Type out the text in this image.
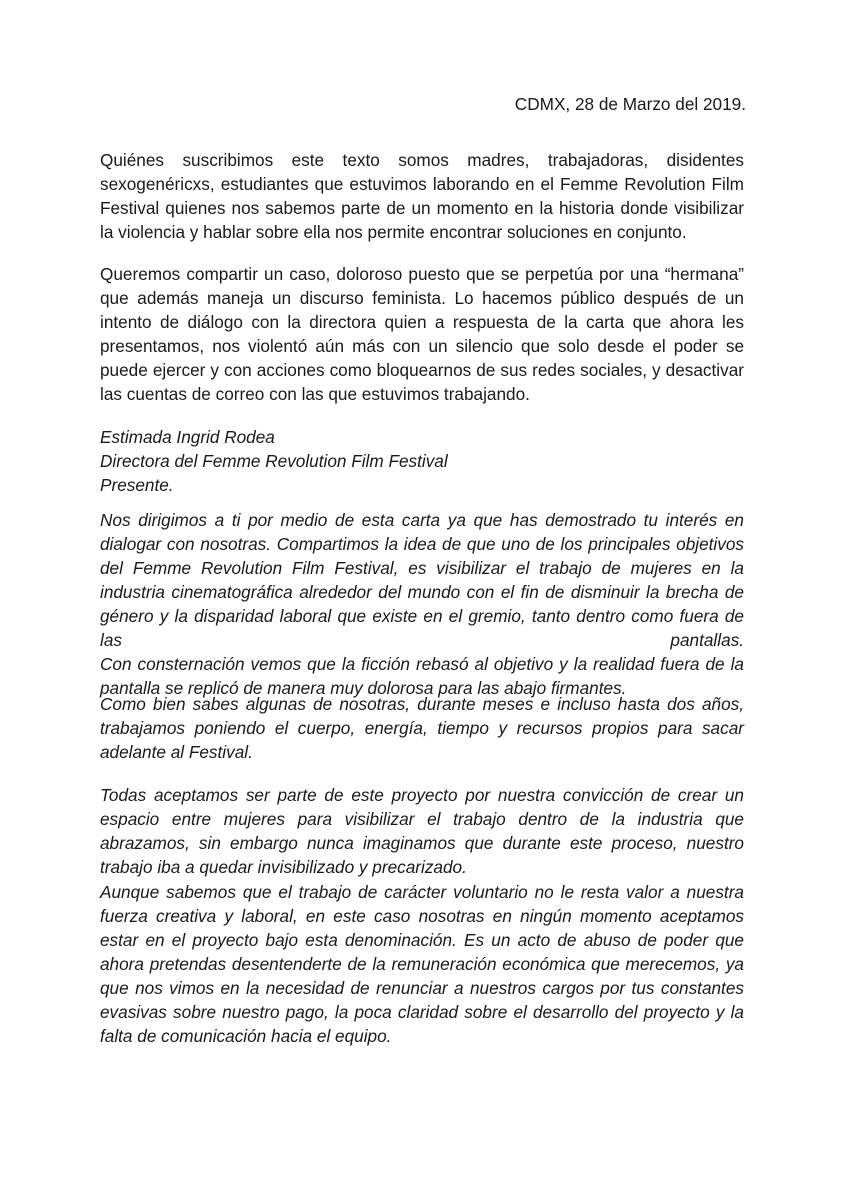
CDMX, 28 de Marzo del 2019.

Quiénes suscribimos este texto somos madres, trabajadoras, disidentes sexogenéricxs, estudiantes que estuvimos laborando en el Femme Revolution Film Festival quienes nos sabemos parte de un momento en la historia donde visibilizar la violencia y hablar sobre ella nos permite encontrar soluciones en conjunto.

Queremos compartir un caso, doloroso puesto que se perpetúa por una “hermana” que además maneja un discurso feminista. Lo hacemos público después de un intento de diálogo con la directora quien a respuesta de la carta que ahora les presentamos, nos violentó aún más con un silencio que solo desde el poder se puede ejercer y con acciones como bloquearnos de sus redes sociales, y desactivar las cuentas de correo con las que estuvimos trabajando.

Estimada Ingrid Rodea
Directora del Femme Revolution Film Festival
Presente.
Nos dirigimos a ti por medio de esta carta ya que has demostrado tu interés en dialogar con nosotras. Compartimos la idea de que uno de los principales objetivos del Femme Revolution Film Festival, es visibilizar el trabajo de mujeres en la industria cinematográfica alrededor del mundo con el fin de disminuir la brecha de género y la disparidad laboral que existe en el gremio, tanto dentro como fuera de las pantallas.
Con consternación vemos que la ficción rebasó al objetivo y la realidad fuera de la pantalla se replicó de manera muy dolorosa para las abajo firmantes.

Como bien sabes algunas de nosotras, durante meses e incluso hasta dos años, trabajamos poniendo el cuerpo, energía, tiempo y recursos propios para sacar adelante al Festival.

Todas aceptamos ser parte de este proyecto por nuestra convicción de crear un espacio entre mujeres para visibilizar el trabajo dentro de la industria que abrazamos, sin embargo nunca imaginamos que durante este proceso, nuestro trabajo iba a quedar invisibilizado y precarizado.

Aunque sabemos que el trabajo de carácter voluntario no le resta valor a nuestra fuerza creativa y laboral, en este caso nosotras en ningún momento aceptamos estar en el proyecto bajo esta denominación. Es un acto de abuso de poder que ahora pretendas desentenderte de la remuneración económica que merecemos, ya que nos vimos en la necesidad de renunciar a nuestros cargos por tus constantes evasivas sobre nuestro pago, la poca claridad sobre el desarrollo del proyecto y la falta de comunicación hacia el equipo.
